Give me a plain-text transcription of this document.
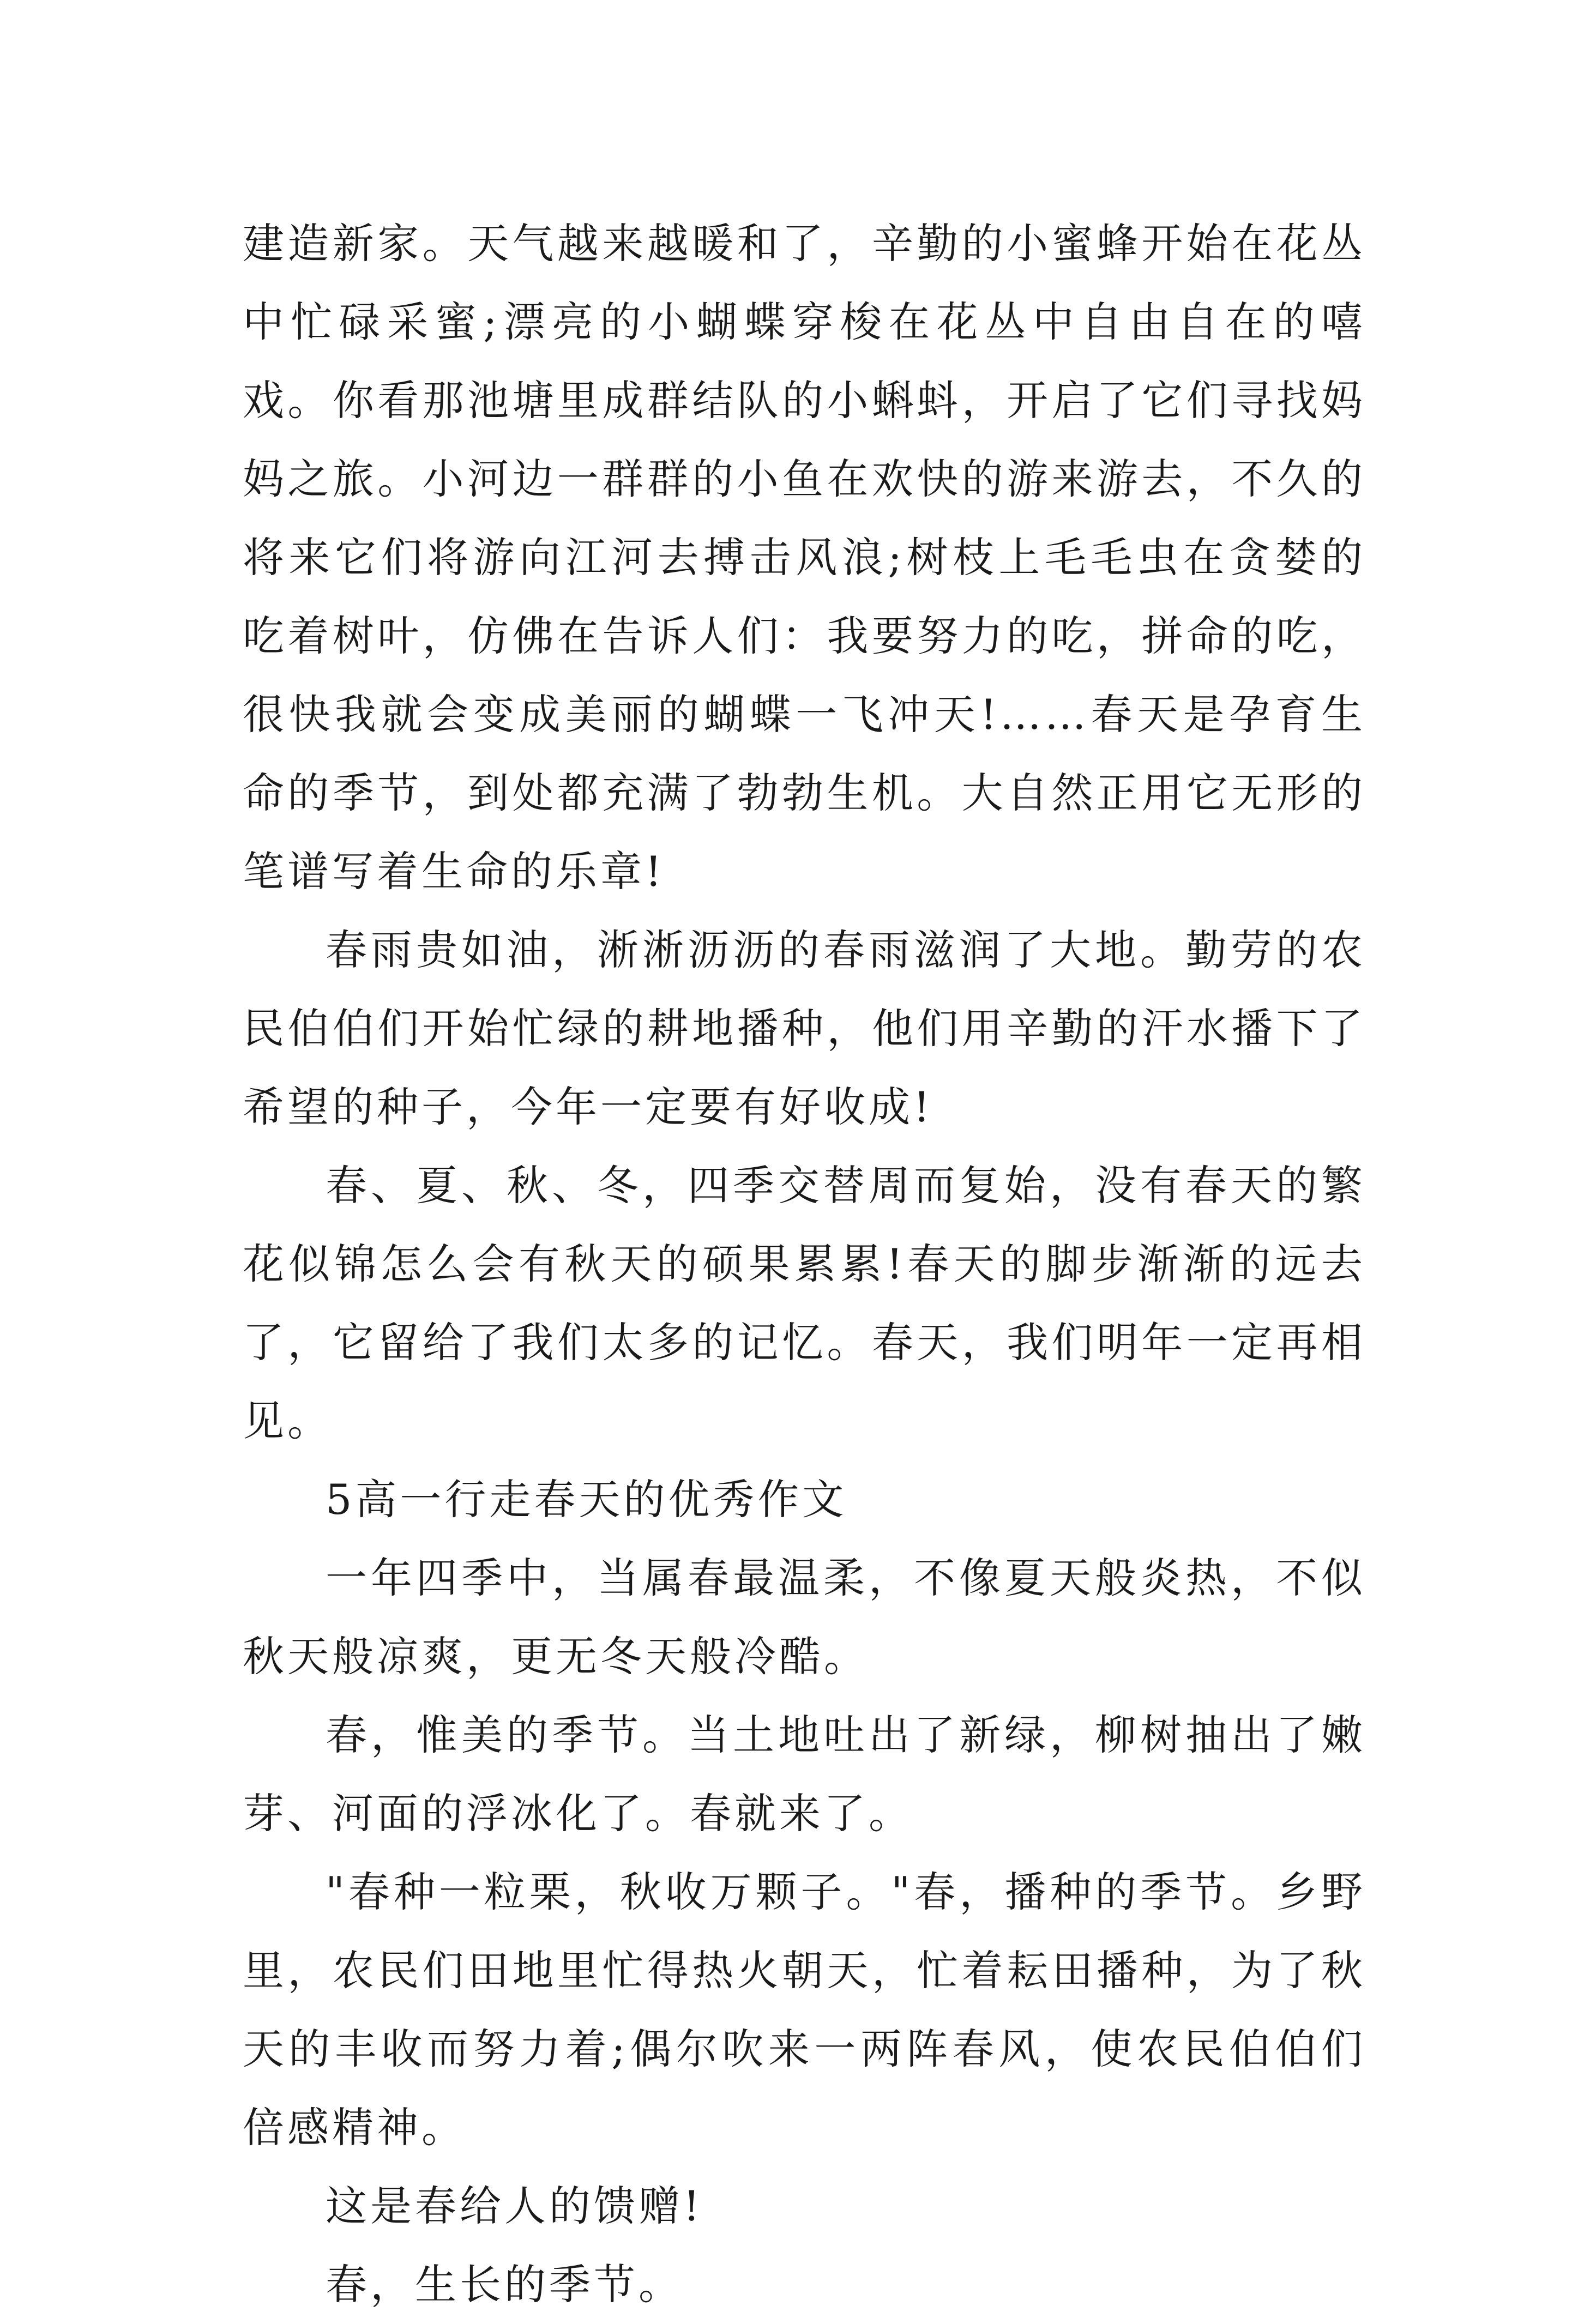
建造新家。天气越来越暖和了，辛勤的小蜜蜂开始在花丛中忙碌采蜜;漂亮的小蝴蝶穿梭在花丛中自由自在的嘻戏。你看那池塘里成群结队的小蝌蚪，开启了它们寻找妈妈之旅。小河边一群群的小鱼在欢快的游来游去，不久的将来它们将游向江河去搏击风浪;树枝上毛毛虫在贪婪的吃着树叶，仿佛在告诉人们：我要努力的吃，拼命的吃，很快我就会变成美丽的蝴蝶一飞冲天!……春天是孕育生命的季节，到处都充满了勃勃生机。大自然正用它无形的笔谱写着生命的乐章!

春雨贵如油，淅淅沥沥的春雨滋润了大地。勤劳的农民伯伯们开始忙绿的耕地播种，他们用辛勤的汗水播下了希望的种子，今年一定要有好收成!

春、夏、秋、冬，四季交替周而复始，没有春天的繁花似锦怎么会有秋天的硕果累累!春天的脚步渐渐的远去了，它留给了我们太多的记忆。春天，我们明年一定再相见。

5高一行走春天的优秀作文

一年四季中，当属春最温柔，不像夏天般炎热，不似秋天般凉爽，更无冬天般冷酷。

春，惟美的季节。当土地吐出了新绿，柳树抽出了嫩芽、河面的浮冰化了。春就来了。

"春种一粒栗，秋收万颗子。"春，播种的季节。乡野里，农民们田地里忙得热火朝天，忙着耘田播种，为了秋天的丰收而努力着;偶尔吹来一两阵春风，使农民伯伯们倍感精神。

这是春给人的馈赠!

春，生长的季节。
